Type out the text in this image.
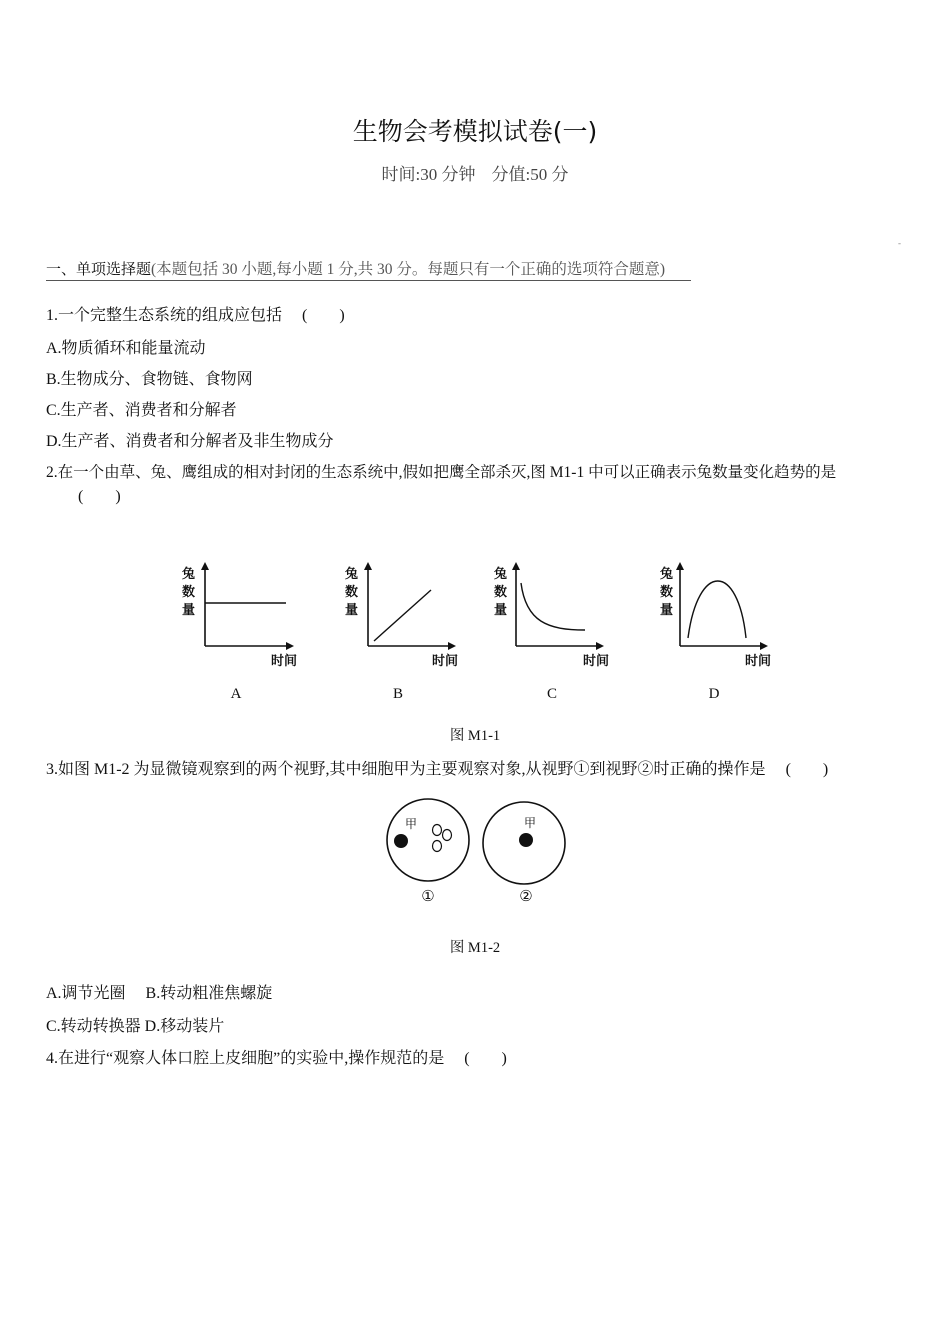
生物会考模拟试卷(一)
时间:30 分钟 分值:50 分
-
一、单项选择题(本题包括 30 小题,每小题 1 分,共 30 分。每题只有一个正确的选项符合题意)
1.一个完整生态系统的组成应包括 (　　)
A.物质循环和能量流动
B.生物成分、食物链、食物网
C.生产者、消费者和分解者
D.生产者、消费者和分解者及非生物成分
2.在一个由草、兔、鹰组成的相对封闭的生态系统中,假如把鹰全部杀灭,图 M1-1 中可以正确表示兔数量变化趋势的是
(　　)
兔
数
量
时间
兔
数
量
时间
兔
数
量
时间
兔
数
量
时间
A	B	C	D
图 M1-1
3.如图 M1-2 为显微镜观察到的两个视野,其中细胞甲为主要观察对象,从视野①到视野②时正确的操作是 (　　)
甲	甲
①	②
图 M1-2
A.调节光圈　 B.转动粗准焦螺旋
C.转动转换器 D.移动装片
4.在进行“观察人体口腔上皮细胞”的实验中,操作规范的是 (　　)
